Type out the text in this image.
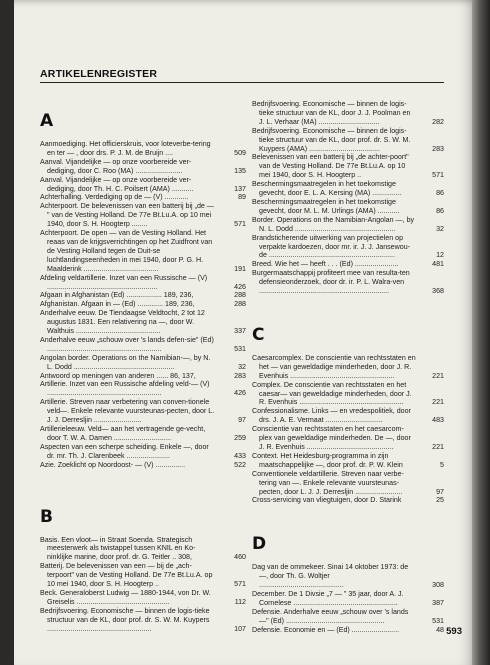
ARTIKELENREGISTER
A
Aanmoediging. Het officierskruis, voor loteverbe-tering en ter — , door drs. P. J. M. de Bruijn ....	509
Aanval. Vijandelijke — op onze voorbereide ver-dediging, door C. Roo (MA) ........................	135
Aanval. Vijandelijke — op onze voorbereide ver-dediging, door Th. H. C. Poilsert (AMA) ...........	137
Achterhalling. Verdediging op de — (V) ............	89
Achterpoort. De belevenissen van een batterij bij „de — " van de Vesting Holland. De 77e Bt.Lu.A. op 10 mei 1940, door S. H. Hoogterp ........	571
Achterpoort. De open — van de Vesting Holland. Het reaas van de krijgsverrichtingen op het Zuidfront van de Vesting Holland tegen de Duit-se luchtlandingseenheden in mei 1940, door P. G. H. Maalderink ......................................	191
Afdeling veldartillerie. Inzet van een Russische — (V) ........................................................	426
Afgaan in Afghanistan (Ed) .................. 189, 236,	288
Afghanistan. Afgaan in — (Ed) ............. 189, 236,	288
Anderhalve eeuw. De Tiendaagse Veldtocht, 2 tot 12 augustus 1831. Een relativering na —, door W. Walthuis ...........................................	337
Anderhalve eeuw „schouw over 's lands defen-sie" (Ed) ..........................................................	531
Angolan border. Operations on the Namibian-—, by N. L. Dodd ...................................................	32
Antwoord op meningen van anderen ...... 86, 137,	283
Artillerie. Inzet van een Russische afdeling veld-— (V) ..........................................................	426
Artillerie. Streven naar verbetering van conven-tionele veld—. Enkele relevante vuursteunas-pecten, door L. J. J. Derresljin ........................	97
Artillerieleeuw. Veld— aan het vertragende ge-vecht, door T. W. A. Damen .............................	259
Aspecten van een scherpe scheiding. Enkele —, door dr. mr. Th. J. Clarenbeek ......................	433
Azie. Zoeklicht op Noordoost- — (V) ...............	522
B
Basis. Een vloot— in Straat Soenda. Strategisch meesterwerk als twistappel tussen KNIL en Ko-ninklijke marine, door prof. dr. G. Teitler .. 308,	460
Batterij. De belevenissen van een — bij de „ach-terpoort" van de Vesting Holland. De 77e Bt.Lu.A. op 10 mei 1940, door S. H. Hoogterp ..	571
Beck. Generaloberst Ludwig — 1880-1944, von Dr. W. Greiselis ...............................................	112
Bedrijfsvoering. Economische — binnen de logis-tieke structuur van de KL, door prof. dr. S. W. M. Kuypers .....................................................	107
Bedrijfsvoering. Economische — binnen de logis-tieke structuur van de KL, door J. J. Poolman en J. L. Verhaar (MA) ...............................	282
Bedrijfsvoering. Economische — binnen de logis-tieke structuur van de KL, door prof. dr. S. W. M. Kuypers (AMA) ....................................	283
Belevenissen van een batterij bij „de achter-poort" van de Vesting Holland. De 77e Bt.Lu.A. op 10 mei 1940, door S. H. Hoogterp ..	571
Beschermingsmaatregelen in het toekomstige gevecht, door E. L. A. Kersing (MA) ...............	86
Beschermingsmaatregelen in het toekomstige gevecht, door M. L. M. Urlings (AMA) ...........	86
Border. Operations on the Namibian-Angolan —, by N. L. Dodd ...................................................	32
Brandsticherende uitwerking van projectielen op verpakte kardoezen, door mr. ir. J. J. Jansewou-de ................................................................	12
Breed. Wie het — heeft . . . (Ed) ......................	481
Burgermaatschappij profiteert mee van resulta-ten defensieonderzoek, door dr. ir. P. L. Walra-ven ..................................................................	368
C
Caesarcomplex. De conscientie van rechtsstaten en het — van geweldadige minderheden, door J. R. Evenhuis .....................................................	221
Complex. De conscientie van rechtsstaten en het caesar— van geweldadige minderheden, door J. R. Evenhuis .....................................................	221
Confessionalisme. Links — en vredespolitiek, door drs. J. A. E. Vermaat .............................	483
Conscientie van rechtsstaten en het caesarcom-plex van geweldadige minderheden. De —, door J. R. Evenhuis ............................................	221
Context. Het Heidesburg-programma in zijn maatschappelijke —, door prof. dr. P. W. Klein	5
Conventionele veldartillerie. Streven naar verbe-tering van —. Enkele relevante vuursteunas-pecten, door L. J. J. Derresljin ........................	97
Cross-servicing van vliegtuigen, door D. Starink	25
D
Dag van de ommekeer. Sinai 14 oktober 1973: de —, door Th. G. Woltjer ...........................................	308
December. De 1 Divsie „7 — " 35 jaar, door A. J. Cornelese .....................................................	387
Defensie. Anderhalve eeuw „schouw over 's lands—" (Ed) ..................................................	531
Defensie. Economie en — (Ed) ........................	48 593
